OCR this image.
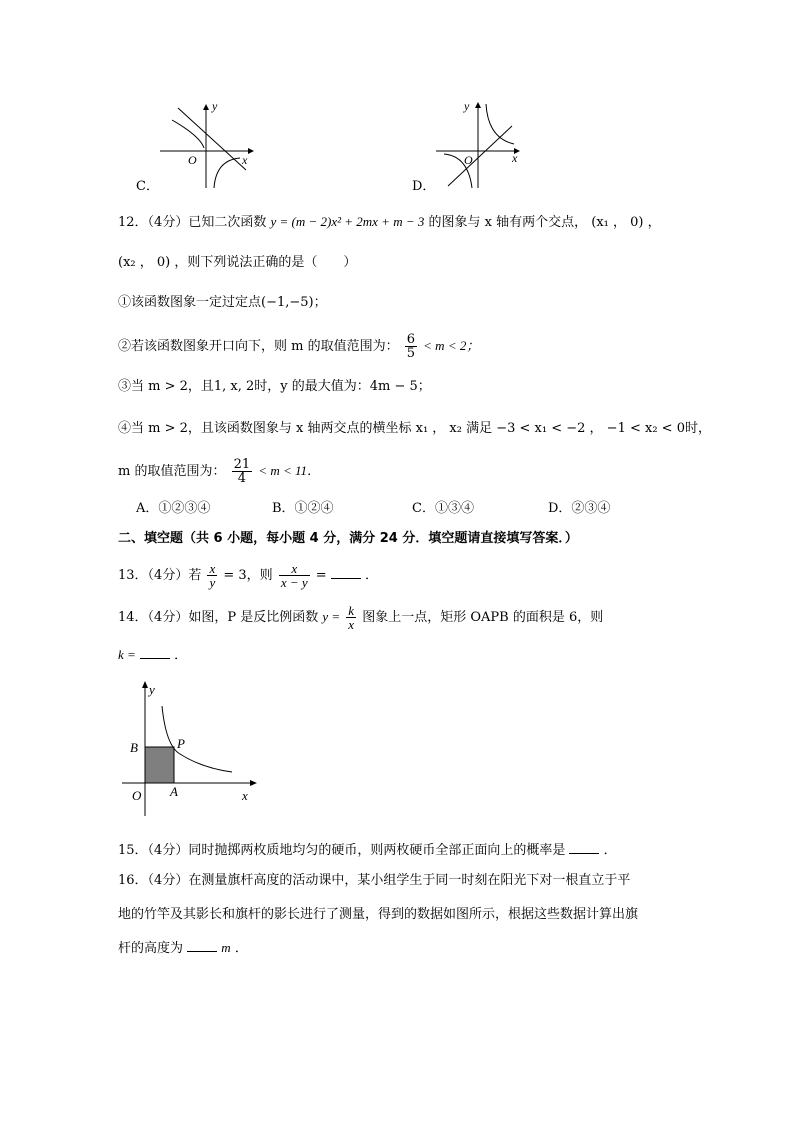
C．
y
x
O
D．
y
x
O
12．（4分）已知二次函数 y = (m − 2)x² + 2mx + m − 3 的图象与 x 轴有两个交点， (x₁ ， 0) ，
(x₂ ， 0) ，则下列说法正确的是（　　）
①该函数图象一定过定点(−1,−5)；
②若该函数图象开口向下，则 m 的取值范围为： $\frac{6}{5} < m < 2$；
③当 m > 2，且1, x, 2时，y 的最大值为：4m − 5；
④当 m > 2，且该函数图象与 x 轴两交点的横坐标 x₁ ， x₂ 满足 −3 < x₁ < −2 ， −1 < x₂ < 0时，
m 的取值范围为： $\frac{21}{4} < m < 11$．
A．①②③④	B．①②④	C．①③④	D．②③④
二、填空题（共 6 小题，每小题 4 分，满分 24 分．填空题请直接填写答案．）
13．（4分）若 $\frac{x}{y} = 3$，则 $\frac{x}{x - y}$ =	．
14．（4分）如图，P 是反比例函数 $y = \frac{k}{x}$ 图象上一点，矩形 OAPB 的面积是 6，则
k =	．
y
x
O A
B	P
15．（4分）同时抛掷两枚质地均匀的硬币，则两枚硬币全部正面向上的概率是	．
16．（4分）在测量旗杆高度的活动课中，某小组学生于同一时刻在阳光下对一根直立于平
地的竹竿及其影长和旗杆的影长进行了测量，得到的数据如图所示，根据这些数据计算出旗
杆的高度为	m ．
